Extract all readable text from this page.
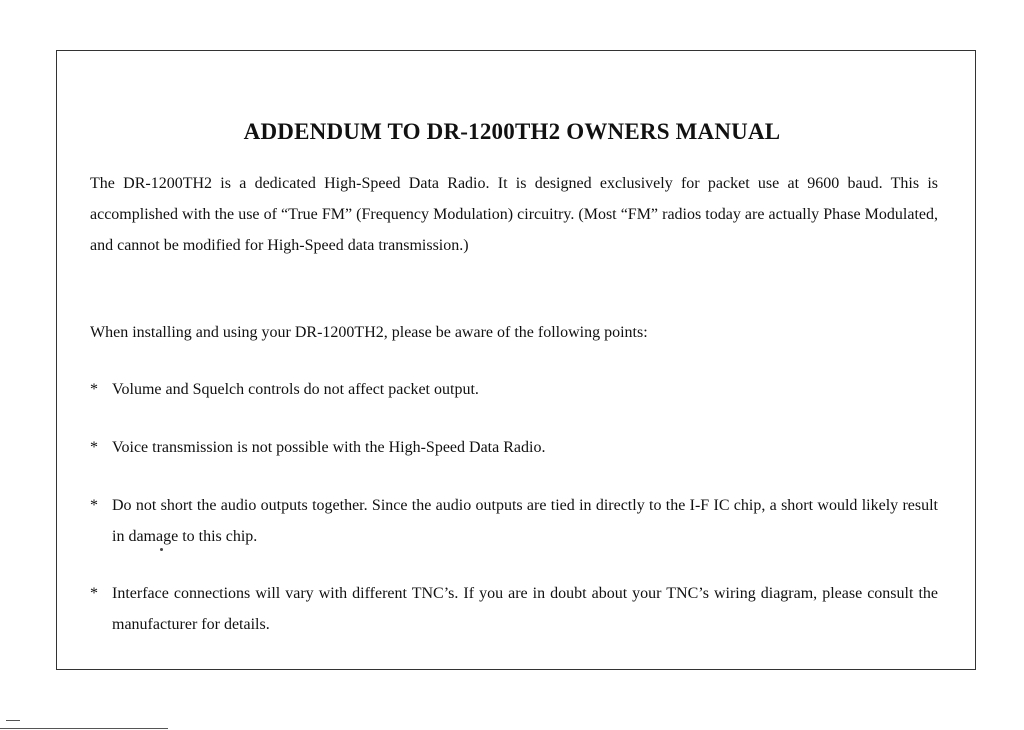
ADDENDUM TO DR-1200TH2 OWNERS MANUAL

The DR-1200TH2 is a dedicated High-Speed Data Radio. It is designed exclusively for packet use at 9600 baud. This is accomplished with the use of “True FM” (Frequency Modulation) circuitry. (Most “FM” radios today are actually Phase Modulated, and cannot be modified for High-Speed data transmission.)

When installing and using your DR-1200TH2, please be aware of the following points:

* Volume and Squelch controls do not affect packet output.
* Voice transmission is not possible with the High-Speed Data Radio.
* Do not short the audio outputs together. Since the audio outputs are tied in directly to the I-F IC chip, a short would likely result in damage to this chip.
* Interface connections will vary with different TNC’s. If you are in doubt about your TNC’s wiring diagram, please consult the manufacturer for details.
